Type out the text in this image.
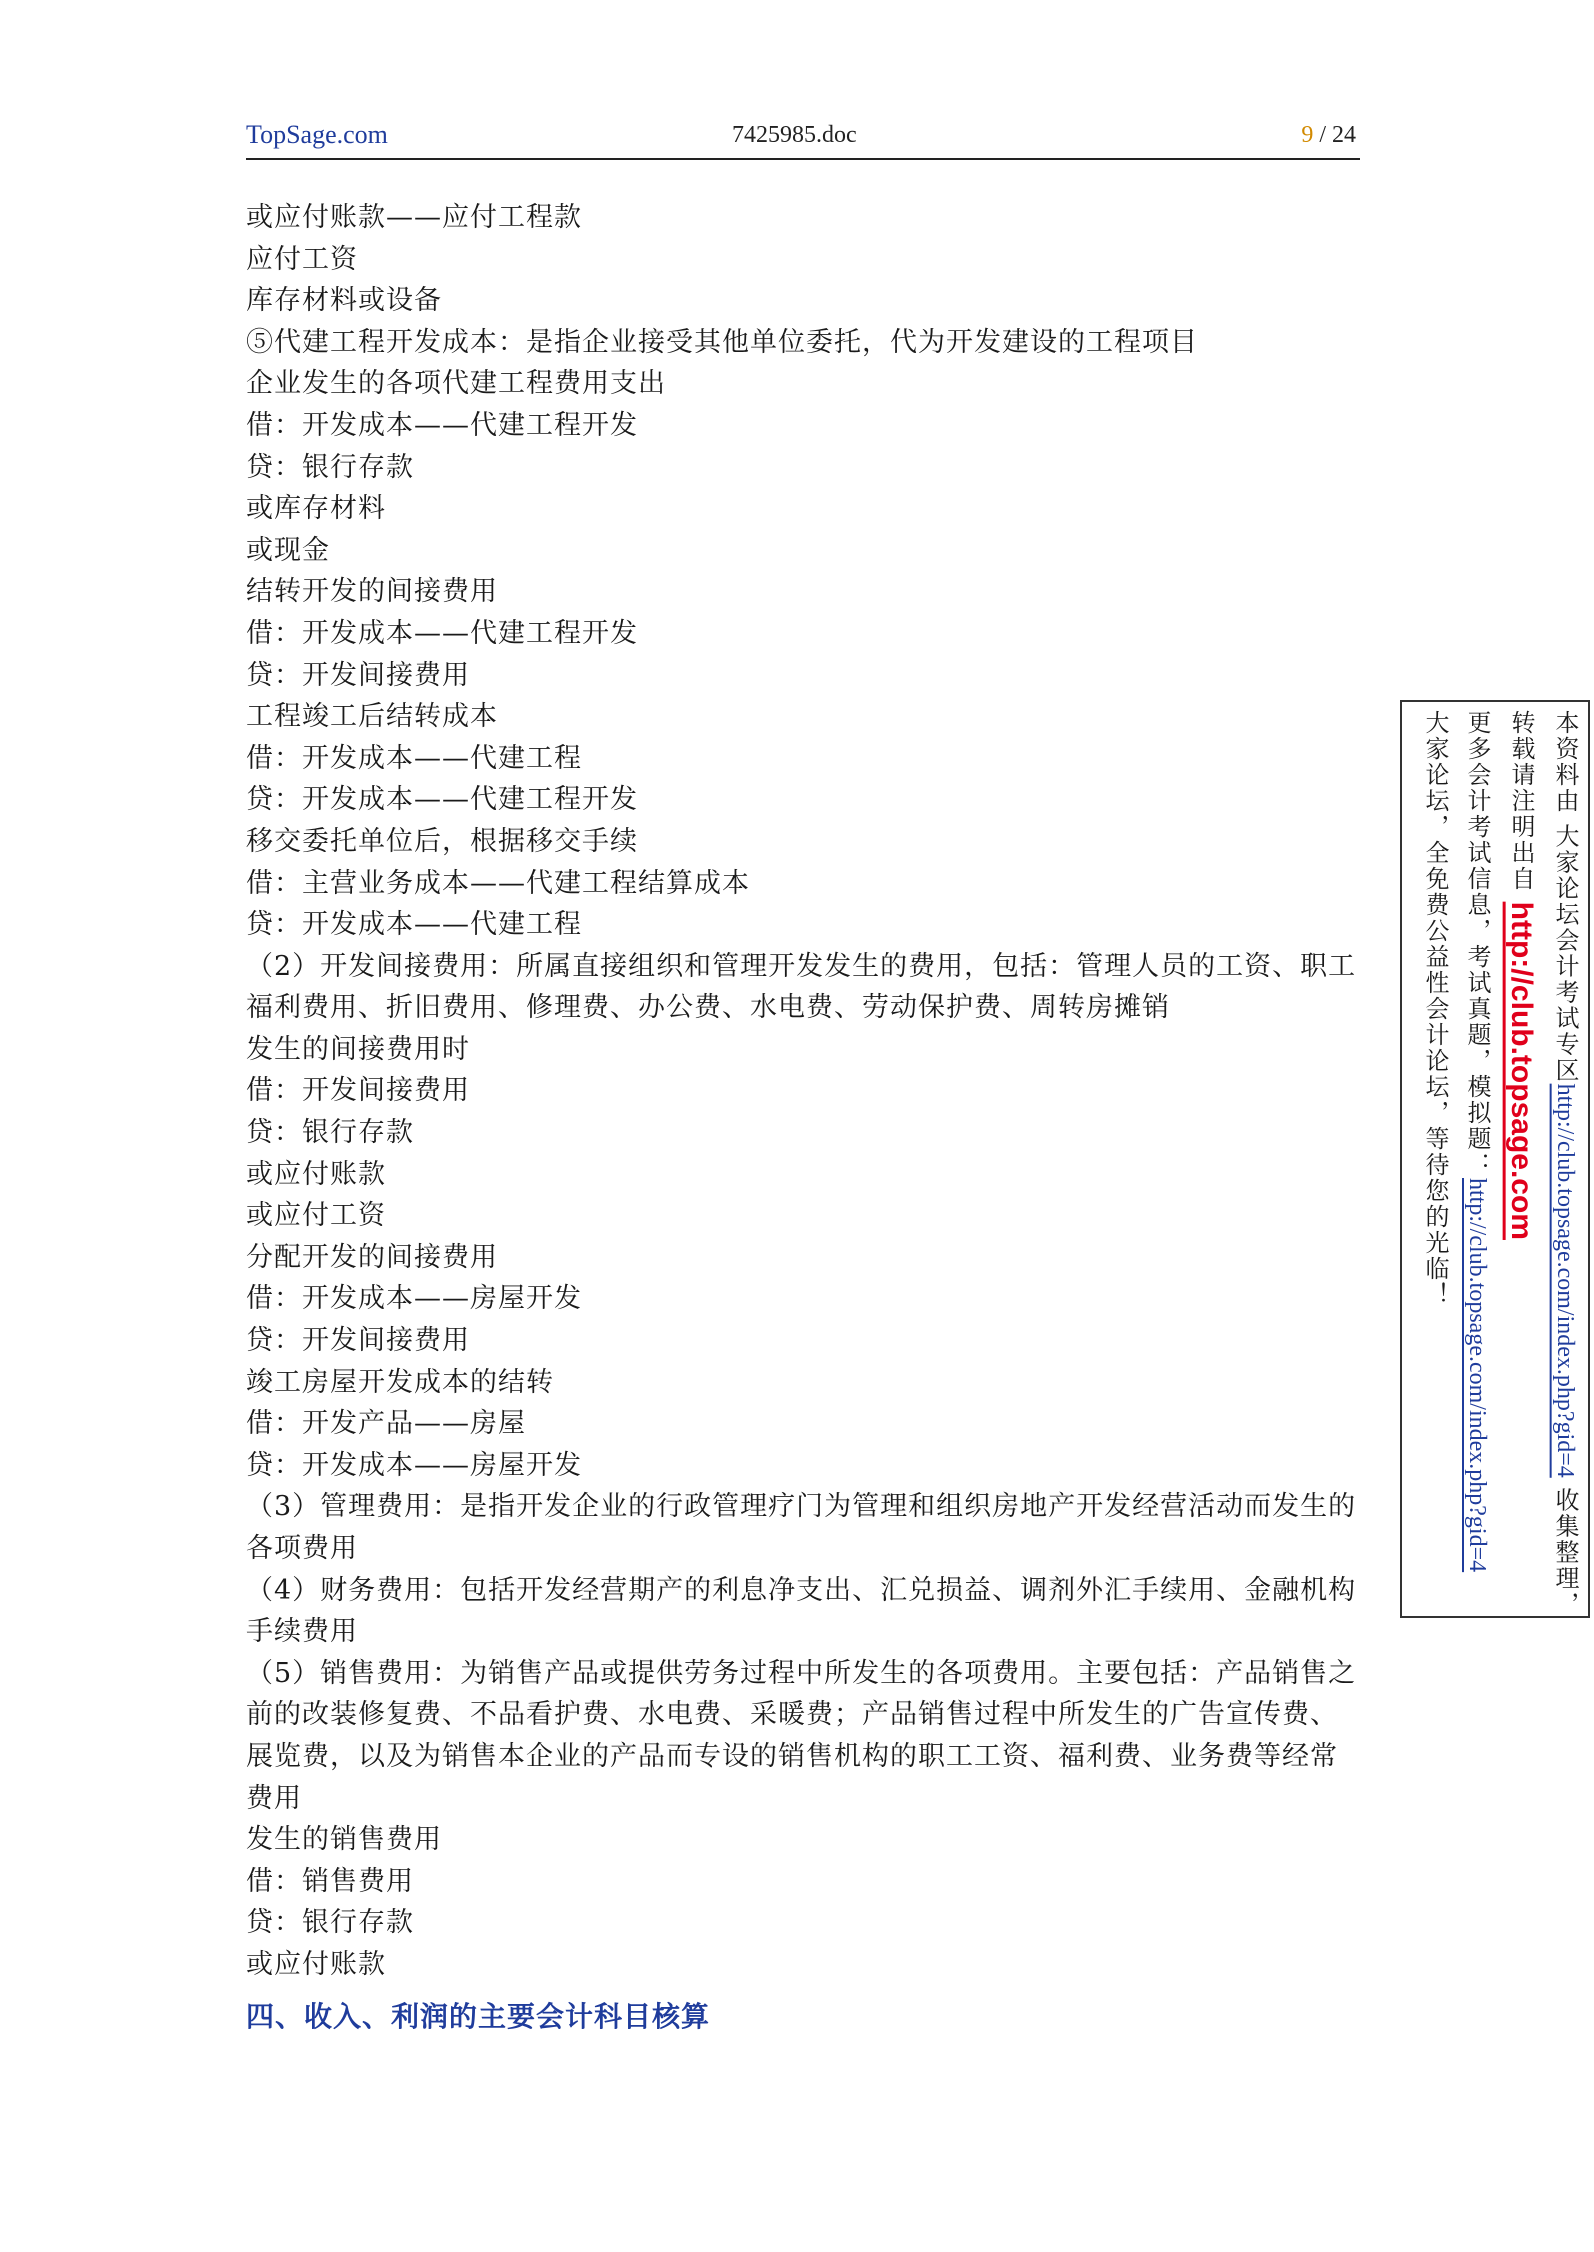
TopSage.com	7425985.doc	9 / 24
或应付账款——应付工程款
应付工资
库存材料或设备
⑤代建工程开发成本：是指企业接受其他单位委托，代为开发建设的工程项目
企业发生的各项代建工程费用支出
借：开发成本——代建工程开发
贷：银行存款
或库存材料
或现金
结转开发的间接费用
借：开发成本——代建工程开发
贷：开发间接费用
工程竣工后结转成本
借：开发成本——代建工程
贷：开发成本——代建工程开发
移交委托单位后，根据移交手续
借：主营业务成本——代建工程结算成本
贷：开发成本——代建工程
（2）开发间接费用：所属直接组织和管理开发发生的费用，包括：管理人员的工资、职工
福利费用、折旧费用、修理费、办公费、水电费、劳动保护费、周转房摊销
发生的间接费用时
借：开发间接费用
贷：银行存款
或应付账款
或应付工资
分配开发的间接费用
借：开发成本——房屋开发
贷：开发间接费用
竣工房屋开发成本的结转
借：开发产品——房屋
贷：开发成本——房屋开发
（3）管理费用：是指开发企业的行政管理疗门为管理和组织房地产开发经营活动而发生的
各项费用
（4）财务费用：包括开发经营期产的利息净支出、汇兑损益、调剂外汇手续用、金融机构
手续费用
（5）销售费用：为销售产品或提供劳务过程中所发生的各项费用。主要包括：产品销售之
前的改装修复费、不品看护费、水电费、采暖费；产品销售过程中所发生的广告宣传费、
展览费，以及为销售本企业的产品而专设的销售机构的职工工资、福利费、业务费等经常
费用
发生的销售费用
借：销售费用
贷：银行存款
或应付账款
四、收入、利润的主要会计科目核算
本资料由 大家论坛会计考试专区http://club.topsage.com/index.php?gid=4 收集整理，
转载请注明出自 http://club.topsage.com
更多会计考试信息，考试真题，模拟题：http://club.topsage.com/index.php?gid=4
大家论坛，全免费公益性会计论坛，等待您的光临！
